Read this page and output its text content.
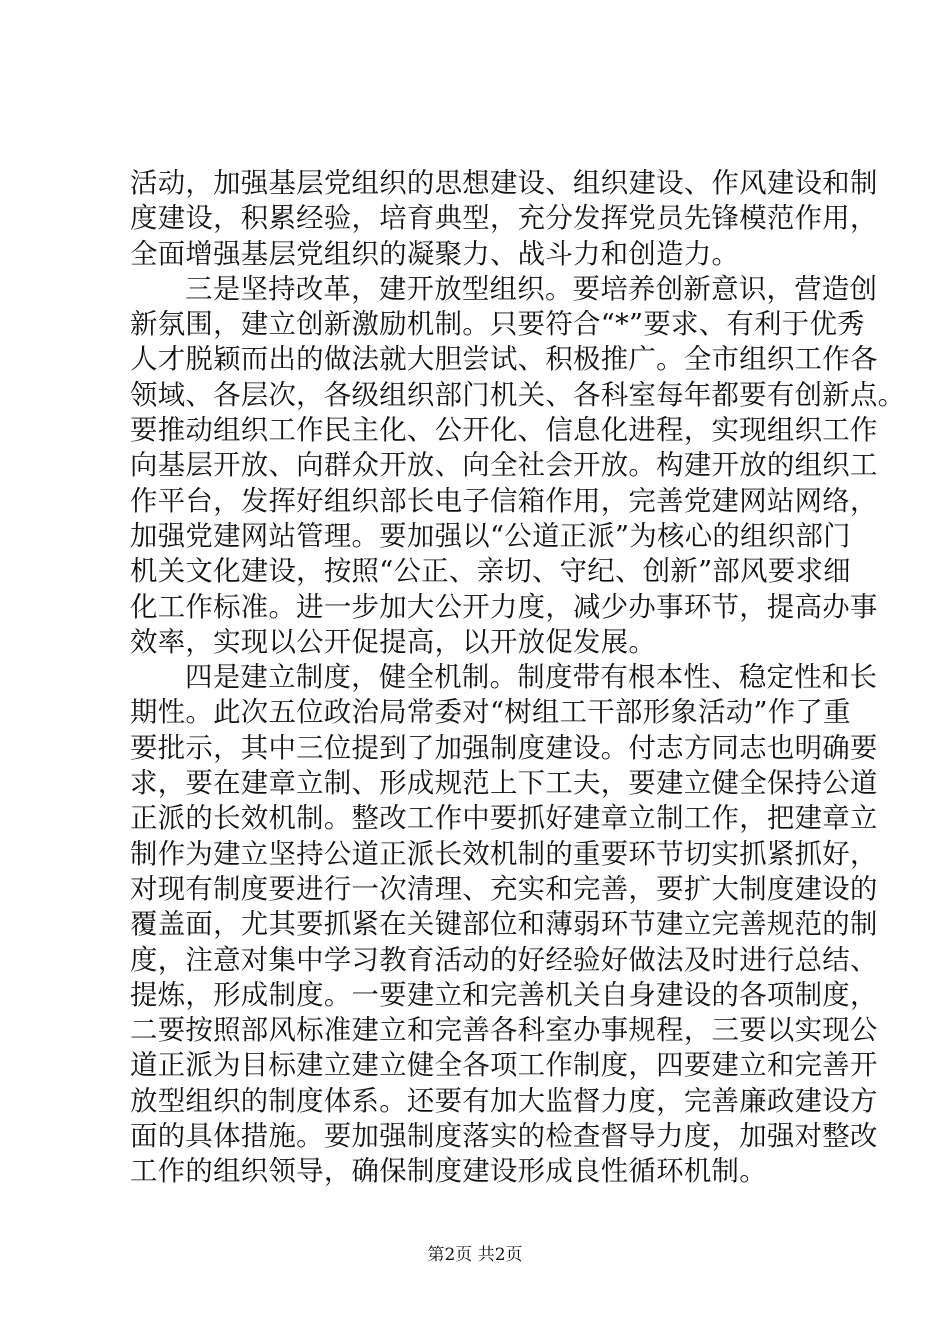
活动，加强基层党组织的思想建设、组织建设、作风建设和制
度建设，积累经验，培育典型，充分发挥党员先锋模范作用，
全面增强基层党组织的凝聚力、战斗力和创造力。
三是坚持改革，建开放型组织。要培养创新意识，营造创
新氛围，建立创新激励机制。只要符合“*”要求、有利于优秀
人才脱颖而出的做法就大胆尝试、积极推广。全市组织工作各
领域、各层次，各级组织部门机关、各科室每年都要有创新点。
要推动组织工作民主化、公开化、信息化进程，实现组织工作
向基层开放、向群众开放、向全社会开放。构建开放的组织工
作平台，发挥好组织部长电子信箱作用，完善党建网站网络，
加强党建网站管理。要加强以“公道正派”为核心的组织部门
机关文化建设，按照“公正、亲切、守纪、创新”部风要求细
化工作标准。进一步加大公开力度，减少办事环节，提高办事
效率，实现以公开促提高，以开放促发展。
四是建立制度，健全机制。制度带有根本性、稳定性和长
期性。此次五位政治局常委对“树组工干部形象活动”作了重
要批示，其中三位提到了加强制度建设。付志方同志也明确要
求，要在建章立制、形成规范上下工夫，要建立健全保持公道
正派的长效机制。整改工作中要抓好建章立制工作，把建章立
制作为建立坚持公道正派长效机制的重要环节切实抓紧抓好，
对现有制度要进行一次清理、充实和完善，要扩大制度建设的
覆盖面，尤其要抓紧在关键部位和薄弱环节建立完善规范的制
度，注意对集中学习教育活动的好经验好做法及时进行总结、
提炼，形成制度。一要建立和完善机关自身建设的各项制度，
二要按照部风标准建立和完善各科室办事规程，三要以实现公
道正派为目标建立建立健全各项工作制度，四要建立和完善开
放型组织的制度体系。还要有加大监督力度，完善廉政建设方
面的具体措施。要加强制度落实的检查督导力度，加强对整改
工作的组织领导，确保制度建设形成良性循环机制。
第2页 共2页
